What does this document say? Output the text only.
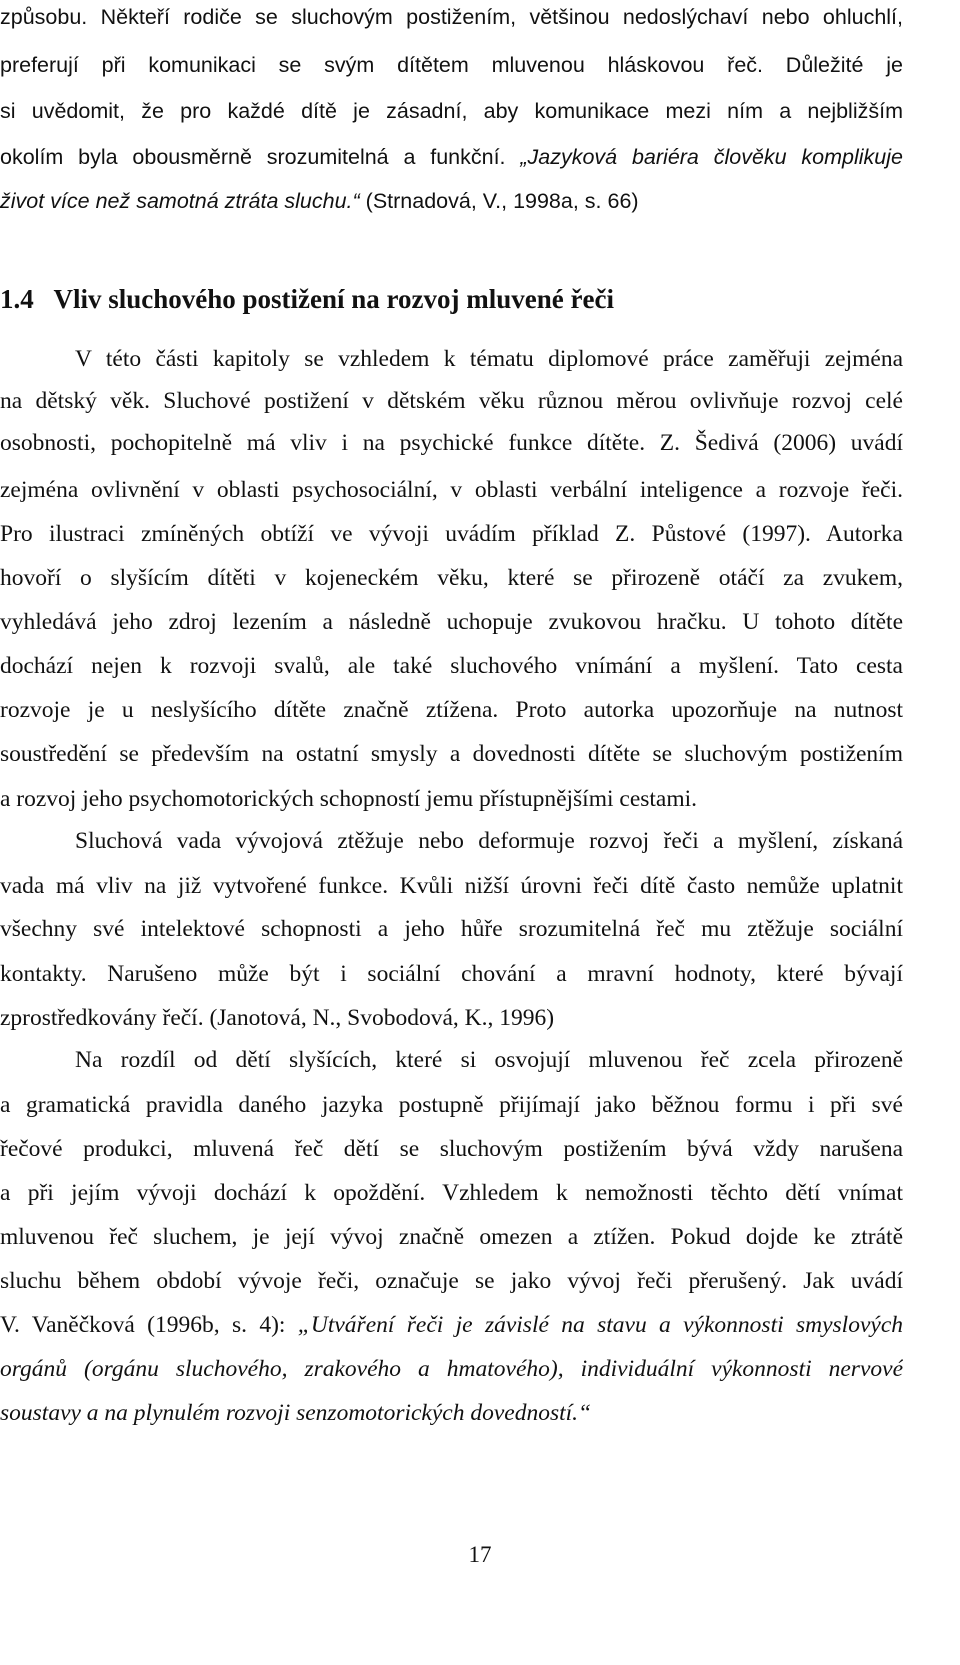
způsobu. Někteří rodiče se sluchovým postižením, většinou nedoslýchaví nebo ohluchlí,
preferují při komunikaci se svým dítětem mluvenou hláskovou řeč. Důležité je
si uvědomit, že pro každé dítě je zásadní, aby komunikace mezi ním a nejbližším
okolím byla obousměrně srozumitelná a funkční. „Jazyková bariéra člověku komplikuje
život více než samotná ztráta sluchu.“ (Strnadová, V., 1998a, s. 66)
1.4   Vliv sluchového postižení na rozvoj mluvené řeči
V této části kapitoly se vzhledem k tématu diplomové práce zaměřuji zejména
na dětský věk. Sluchové postižení v dětském věku různou měrou ovlivňuje rozvoj celé
osobnosti, pochopitelně má vliv i na psychické funkce dítěte. Z. Šedivá (2006) uvádí
zejména ovlivnění v oblasti psychosociální, v oblasti verbální inteligence a rozvoje řeči.
Pro ilustraci zmíněných obtíží ve vývoji uvádím příklad Z. Půstové (1997). Autorka
hovoří o slyšícím dítěti v kojeneckém věku, které se přirozeně otáčí za zvukem,
vyhledává jeho zdroj lezením a následně uchopuje zvukovou hračku. U tohoto dítěte
dochází nejen k rozvoji svalů, ale také sluchového vnímání a myšlení. Tato cesta
rozvoje je u neslyšícího dítěte značně ztížena. Proto autorka upozorňuje na nutnost
soustředění se především na ostatní smysly a dovednosti dítěte se sluchovým postižením
a rozvoj jeho psychomotorických schopností jemu přístupnějšími cestami.
Sluchová vada vývojová ztěžuje nebo deformuje rozvoj řeči a myšlení, získaná
vada má vliv na již vytvořené funkce. Kvůli nižší úrovni řeči dítě často nemůže uplatnit
všechny své intelektové schopnosti a jeho hůře srozumitelná řeč mu ztěžuje sociální
kontakty. Narušeno může být i sociální chování a mravní hodnoty, které bývají
zprostředkovány řečí. (Janotová, N., Svobodová, K., 1996)
Na rozdíl od dětí slyšících, které si osvojují mluvenou řeč zcela přirozeně
a gramatická pravidla daného jazyka postupně přijímají jako běžnou formu i při své
řečové produkci, mluvená řeč dětí se sluchovým postižením bývá vždy narušena
a při jejím vývoji dochází k opoždění. Vzhledem k nemožnosti těchto dětí vnímat
mluvenou řeč sluchem, je její vývoj značně omezen a ztížen. Pokud dojde ke ztrátě
sluchu během období vývoje řeči, označuje se jako vývoj řeči přerušený. Jak uvádí
V. Vaněčková (1996b, s. 4): „Utváření řeči je závislé na stavu a výkonnosti smyslových
orgánů (orgánu sluchového, zrakového a hmatového), individuální výkonnosti nervové
soustavy a na plynulém rozvoji senzomotorických dovedností.“
17
